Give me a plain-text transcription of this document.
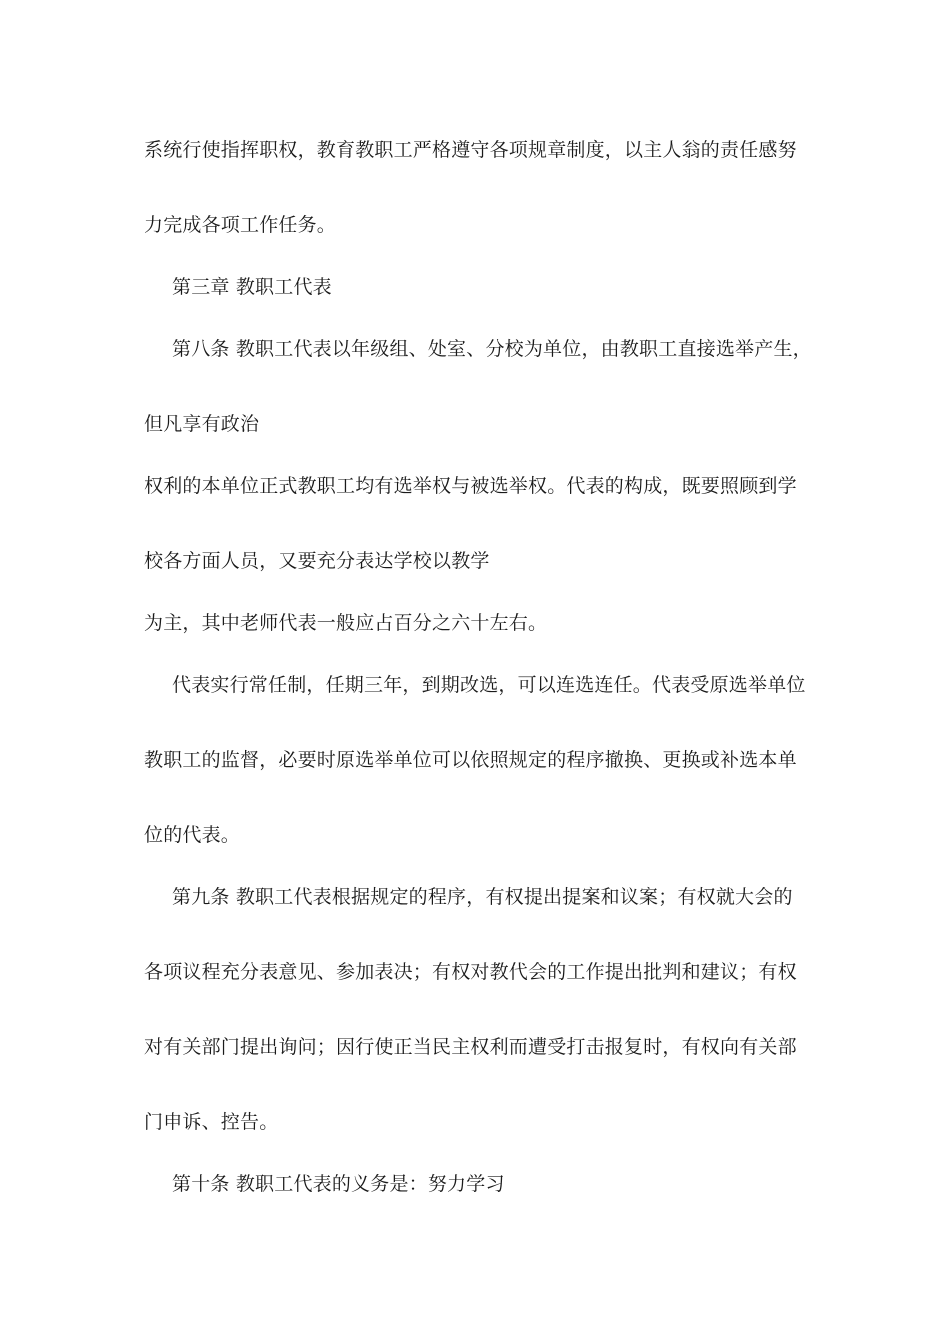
系统行使指挥职权，教育教职工严格遵守各项规章制度，以主人翁的责任感努
力完成各项工作任务。
第三章 教职工代表
第八条 教职工代表以年级组、处室、分校为单位，由教职工直接选举产生，
但凡享有政治
权利的本单位正式教职工均有选举权与被选举权。代表的构成，既要照顾到学
校各方面人员，又要充分表达学校以教学
为主，其中老师代表一般应占百分之六十左右。
代表实行常任制，任期三年，到期改选，可以连选连任。代表受原选举单位
教职工的监督，必要时原选举单位可以依照规定的程序撤换、更换或补选本单
位的代表。
第九条 教职工代表根据规定的程序，有权提出提案和议案；有权就大会的
各项议程充分表意见、参加表决；有权对教代会的工作提出批判和建议；有权
对有关部门提出询问；因行使正当民主权利而遭受打击报复时，有权向有关部
门申诉、控告。
第十条 教职工代表的义务是：努力学习
